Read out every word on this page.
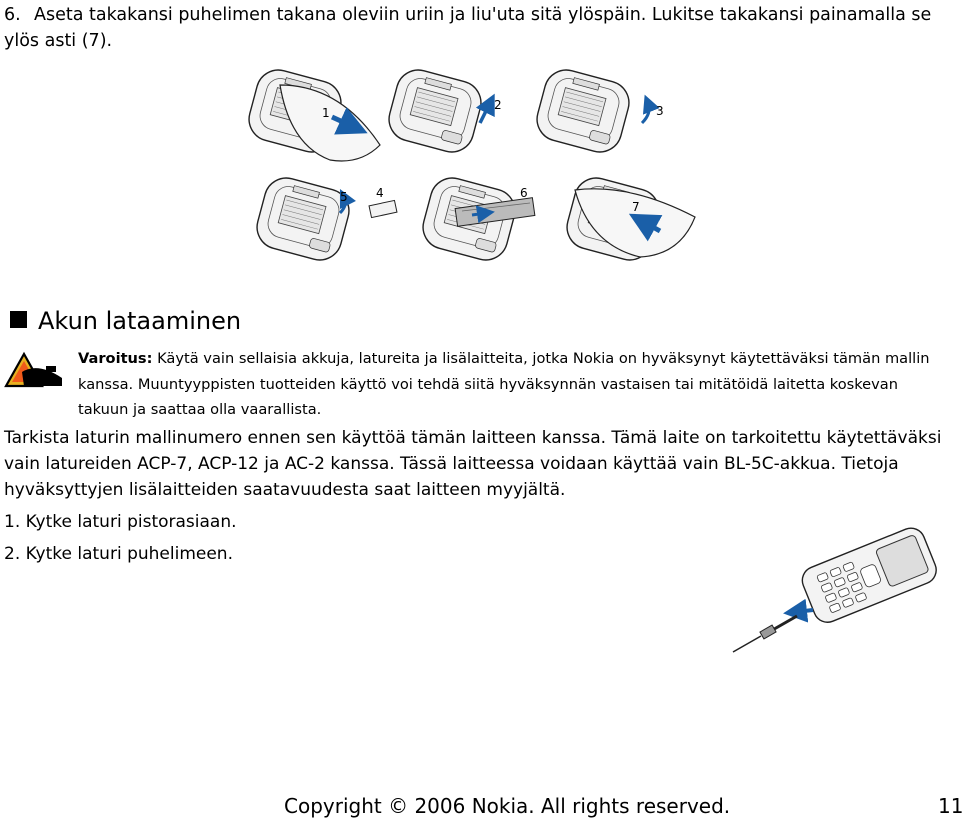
6. Aseta takakansi puhelimen takana oleviin uriin ja liu'uta sitä ylöspäin. Lukitse takakansi painamalla se ylös asti (7).
1
2	3
5 4	6
7
Akun lataaminen
Varoitus: Käytä vain sellaisia akkuja, latureita ja lisälaitteita, jotka Nokia on hyväksynyt käytettäväksi tämän mallin kanssa. Muuntyyppisten tuotteiden käyttö voi tehdä siitä hyväksynnän vastaisen tai mitätöidä laitetta koskevan takuun ja saattaa olla vaarallista.
Tarkista laturin mallinumero ennen sen käyttöä tämän laitteen kanssa. Tämä laite on tarkoitettu käytettäväksi vain latureiden ACP-7, ACP-12 ja AC-2 kanssa. Tässä laitteessa voidaan käyttää vain BL-5C-akkua. Tietoja hyväksyttyjen lisälaitteiden saatavuudesta saat laitteen myyjältä.
1. Kytke laturi pistorasiaan.
2. Kytke laturi puhelimeen.
Copyright © 2006 Nokia. All rights reserved.	11
